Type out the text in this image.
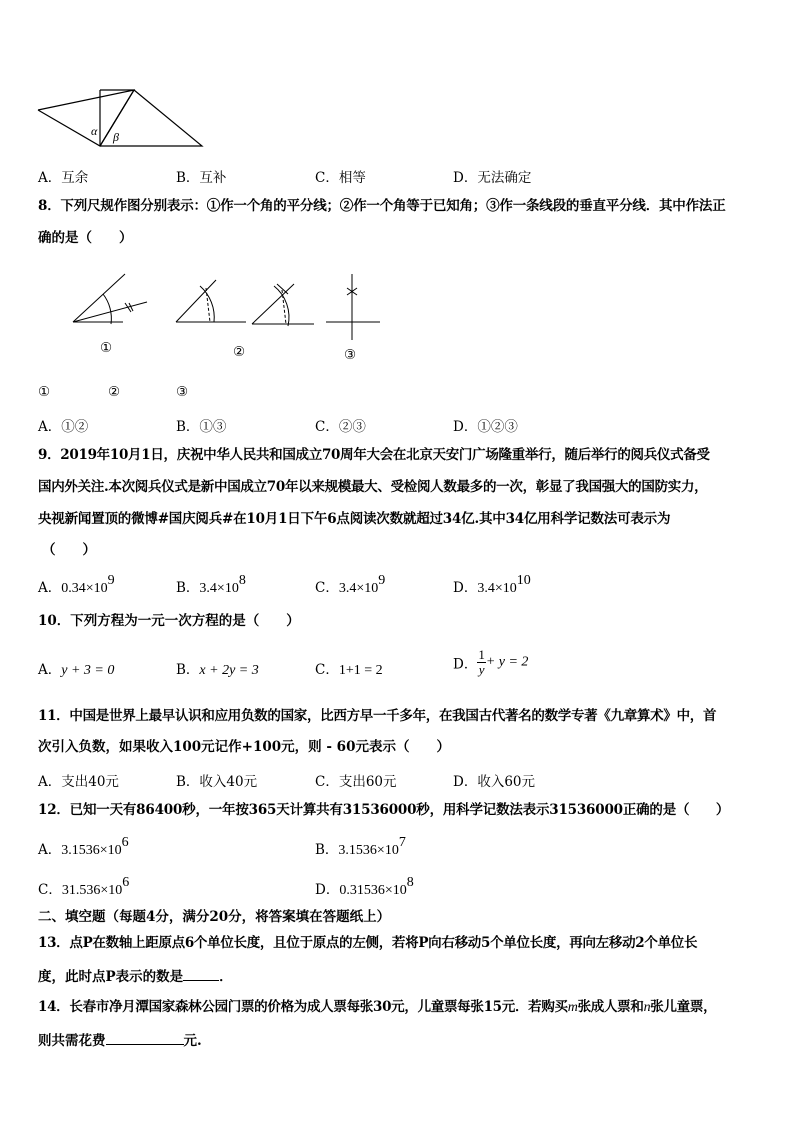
α β
A．互余	B．互补	C．相等	D．无法确定
8．下列尺规作图分别表示：①作一个角的平分线；②作一个角等于已知角；③作一条线段的垂直平分线．其中作法正
确的是（　　）
①	②	③
①	②	③
A．①②	B．①③	C．②③	D．①②③
9．2019年10月1日，庆祝中华人民共和国成立70周年大会在北京天安门广场隆重举行，随后举行的阅兵仪式备受
国内外关注.本次阅兵仪式是新中国成立70年以来规模最大、受检阅人数最多的一次，彰显了我国强大的国防实力，
央视新闻置顶的微博#国庆阅兵#在10月1日下午6点阅读次数就超过34亿.其中34亿用科学记数法可表示为
（　　）
A．$0.34\times 10^9$	B．$3.4\times 10^8$	C．$3.4\times 10^9$	D．$3.4\times 10^{10}$
10．下列方程为一元一次方程的是（　　）
A．y + 3 = 0	B．x + 2y = 3	C．1+1 = 2	D． $\frac{1}{y} + y = 2$
11．中国是世界上最早认识和应用负数的国家，比西方早一千多年，在我国古代著名的数学专著《九章算术》中，首
次引入负数，如果收入100元记作+100元，则 - 60元表示（　　）
A．支出40元	B．收入40元	C．支出60元	D．收入60元
12．已知一天有86400秒，一年按365天计算共有31536000秒，用科学记数法表示31536000正确的是（　　）
A．$3.1536\times 10^6$	B．$3.1536\times 10^7$
C．$31.536\times 10^6$	D．$0.31536\times 10^8$
二、填空题（每题4分，满分20分，将答案填在答题纸上）
13．点P在数轴上距原点6个单位长度，且位于原点的左侧，若将P向右移动5个单位长度，再向左移动2个单位长
度，此时点P表示的数是	．
14．长春市净月潭国家森林公园门票的价格为成人票每张30元，儿童票每张15元．若购买m张成人票和n张儿童票，
则共需花费	元.
